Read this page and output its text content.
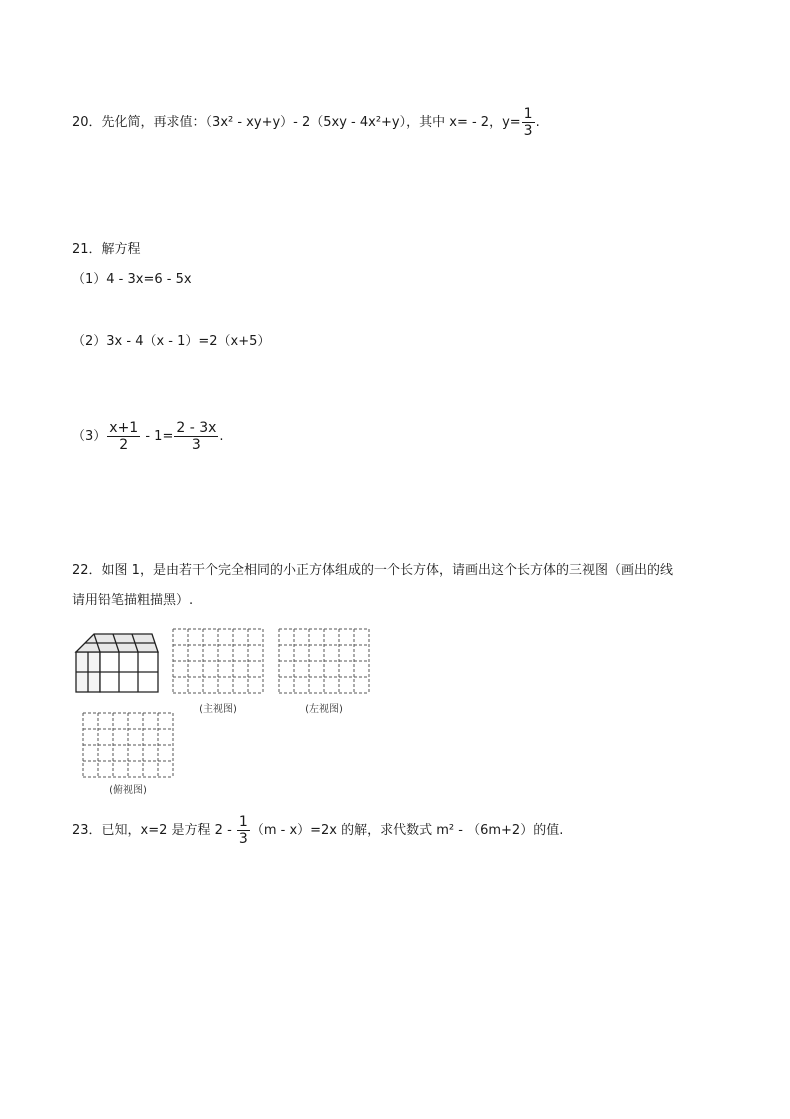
20．先化简，再求值：（3x² - xy+y）- 2（5xy - 4x²+y），其中 x= - 2，$y= \frac{1}{3}$ .
21．解方程
（1）4 - 3x=6 - 5x
（2）3x - 4（x - 1）=2（x+5）
$(3) \frac{x+1}{2} - 1= \frac{2 - 3x}{3}$ .
22．如图 1，是由若干个完全相同的小正方体组成的一个长方体，请画出这个长方体的三视图（画出的线
请用铅笔描粗描黑）.
(主视图)	(左视图)
(俯视图)
23．已知，x=2 是方程 $2 - \frac{1}{3} (m - x)=2x$ 的解，求代数式 m² - （6m+2）的值.
